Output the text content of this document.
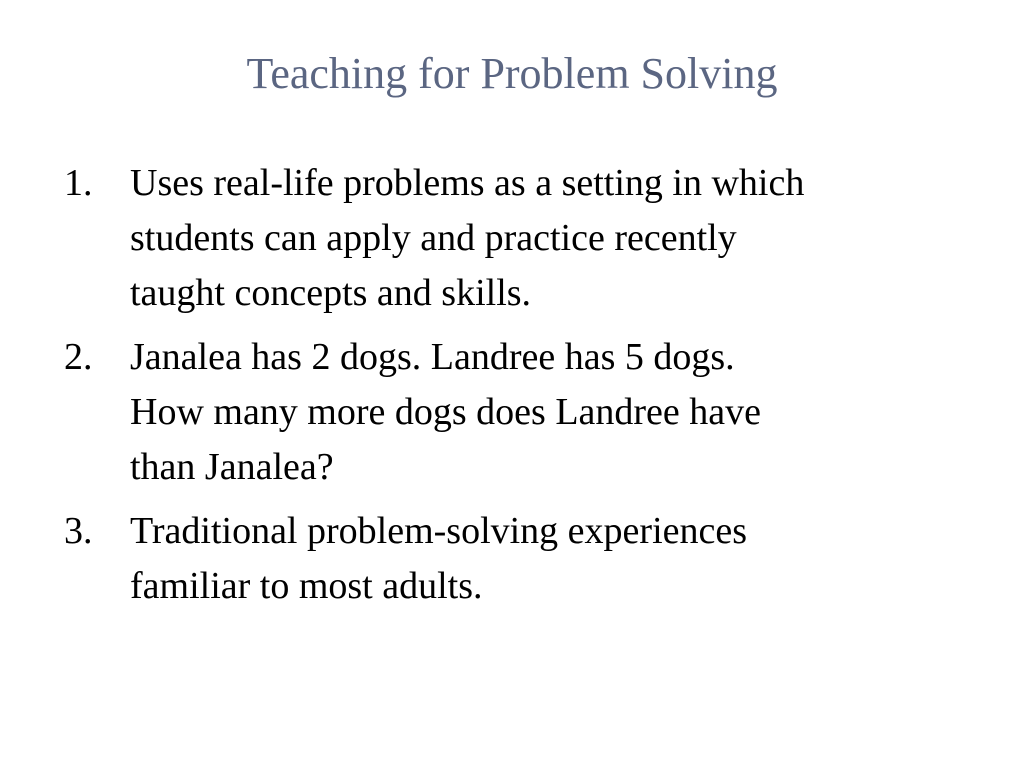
Teaching for Problem Solving
1. Uses real-life problems as a setting in which
students can apply and practice recently
taught concepts and skills.
2. Janalea has 2 dogs. Landree has 5 dogs.
How many more dogs does Landree have
than Janalea?
3. Traditional problem-solving experiences
familiar to most adults.
